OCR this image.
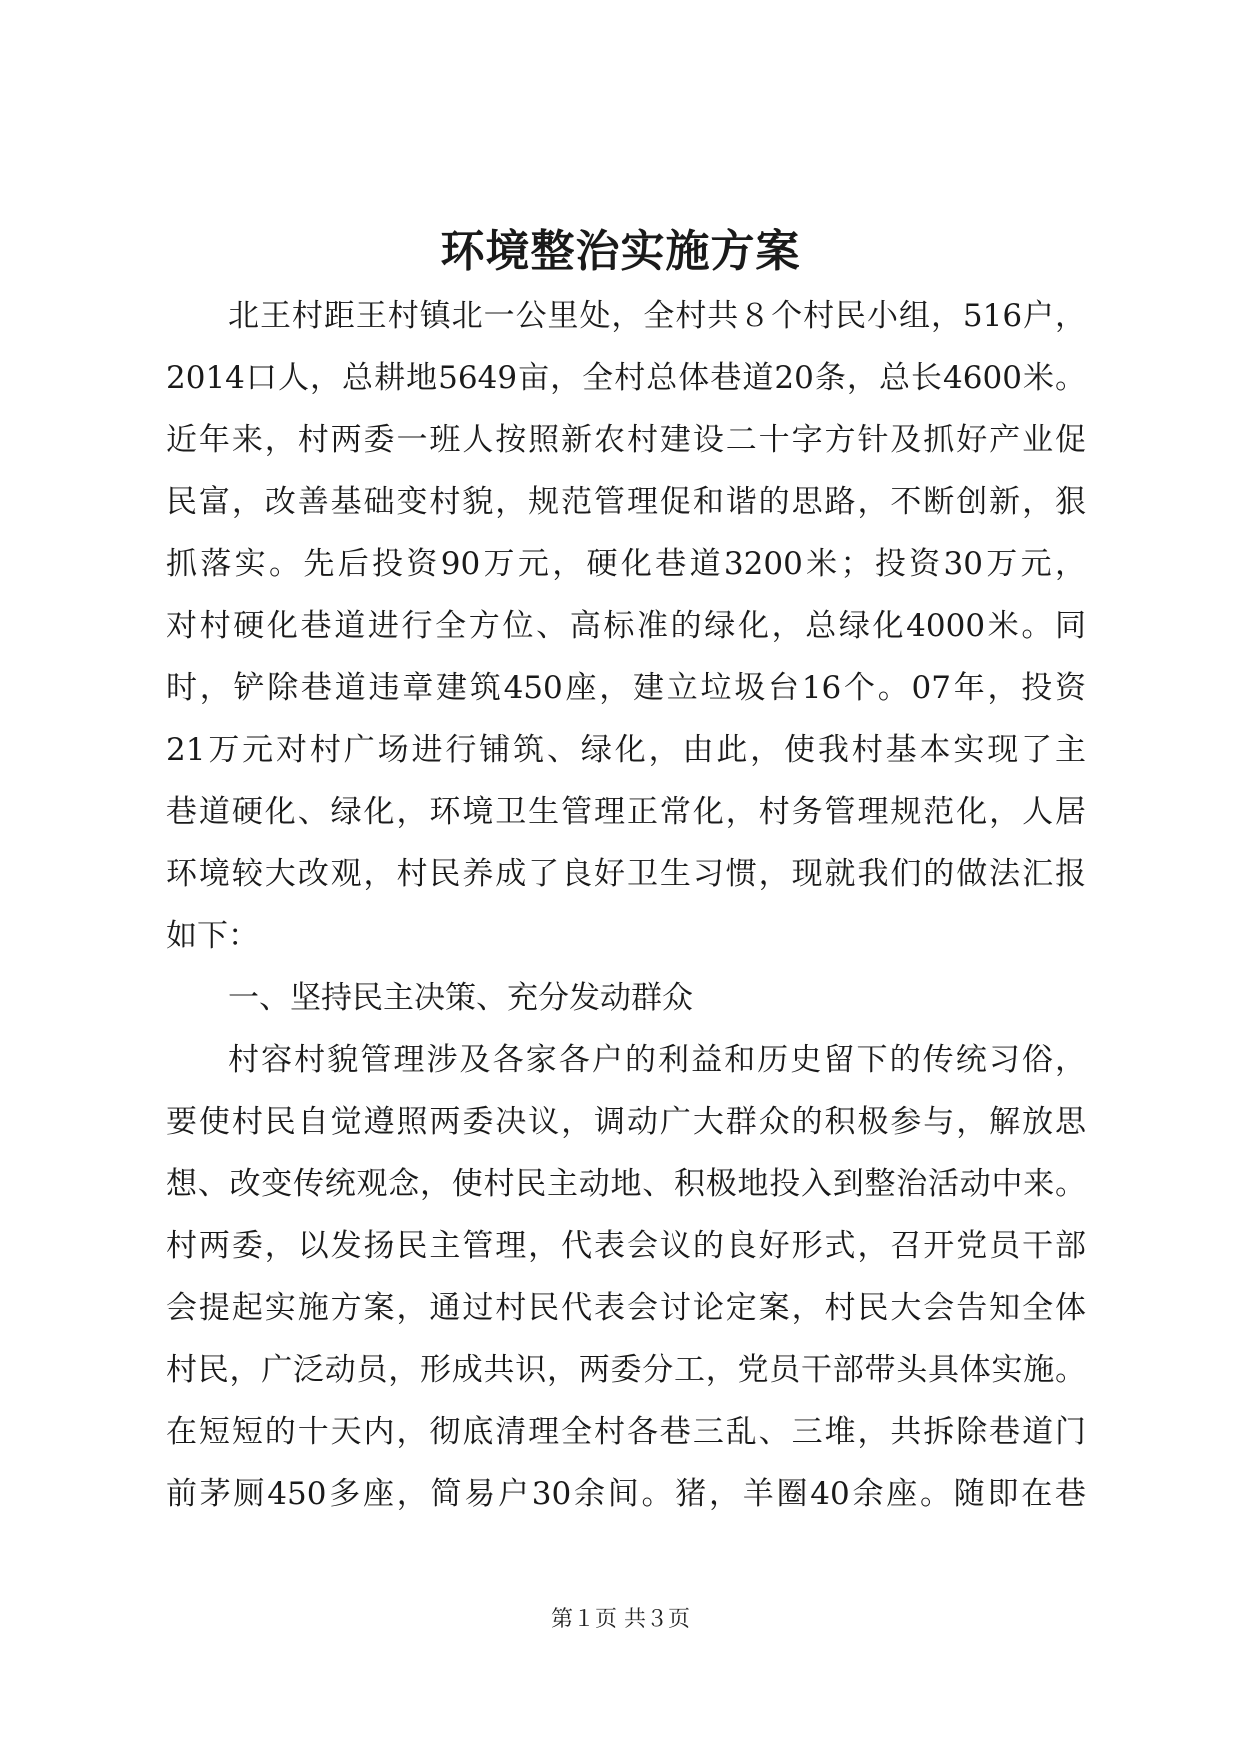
环境整治实施方案
北王村距王村镇北一公里处，全村共８个村民小组，516户，
2014口人，总耕地5649亩，全村总体巷道20条，总长4600米。
近年来，村两委一班人按照新农村建设二十字方针及抓好产业促
民富，改善基础变村貌，规范管理促和谐的思路，不断创新，狠
抓落实。先后投资90万元，硬化巷道3200米；投资30万元，
对村硬化巷道进行全方位、高标准的绿化，总绿化4000米。同
时，铲除巷道违章建筑450座，建立垃圾台16个。07年，投资
21万元对村广场进行铺筑、绿化，由此，使我村基本实现了主
巷道硬化、绿化，环境卫生管理正常化，村务管理规范化，人居
环境较大改观，村民养成了良好卫生习惯，现就我们的做法汇报
如下：
一、坚持民主决策、充分发动群众
村容村貌管理涉及各家各户的利益和历史留下的传统习俗，
要使村民自觉遵照两委决议，调动广大群众的积极参与，解放思
想、改变传统观念，使村民主动地、积极地投入到整治活动中来。
村两委，以发扬民主管理，代表会议的良好形式，召开党员干部
会提起实施方案，通过村民代表会讨论定案，村民大会告知全体
村民，广泛动员，形成共识，两委分工，党员干部带头具体实施。
在短短的十天内，彻底清理全村各巷三乱、三堆，共拆除巷道门
前茅厕450多座，简易户30余间。猪，羊圈40余座。随即在巷
第１页 共３页
